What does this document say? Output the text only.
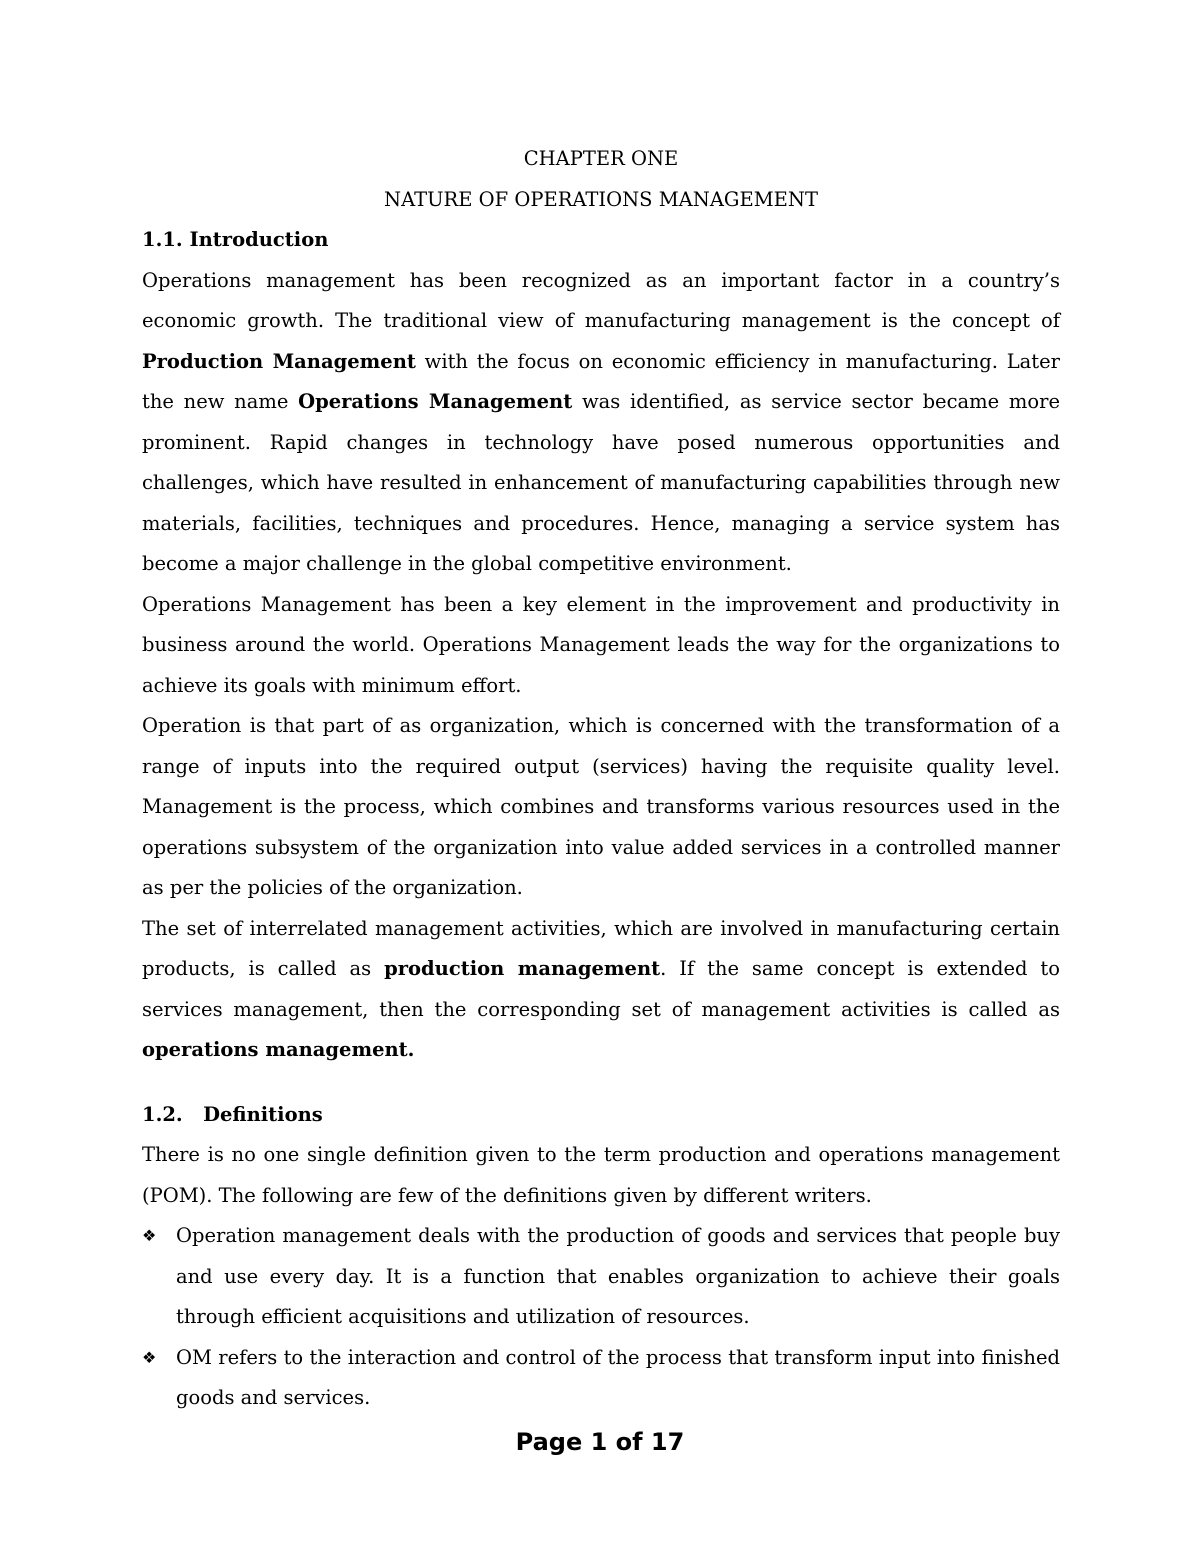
CHAPTER ONE

NATURE OF OPERATIONS MANAGEMENT

1.1. Introduction

Operations management has been recognized as an important factor in a country’s economic growth. The traditional view of manufacturing management is the concept of Production Management with the focus on economic efficiency in manufacturing. Later the new name Operations Management was identified, as service sector became more prominent. Rapid changes in technology have posed numerous opportunities and challenges, which have resulted in enhancement of manufacturing capabilities through new materials, facilities, techniques and procedures. Hence, managing a service system has become a major challenge in the global competitive environment.

Operations Management has been a key element in the improvement and productivity in business around the world. Operations Management leads the way for the organizations to achieve its goals with minimum effort.

Operation is that part of as organization, which is concerned with the transformation of a range of inputs into the required output (services) having the requisite quality level. Management is the process, which combines and transforms various resources used in the operations subsystem of the organization into value added services in a controlled manner as per the policies of the organization.

The set of interrelated management activities, which are involved in manufacturing certain products, is called as production management. If the same concept is extended to services management, then the corresponding set of management activities is called as operations management.

1.2. Definitions

There is no one single definition given to the term production and operations management (POM). The following are few of the definitions given by different writers.

❖ Operation management deals with the production of goods and services that people buy and use every day. It is a function that enables organization to achieve their goals through efficient acquisitions and utilization of resources.
❖ OM refers to the interaction and control of the process that transform input into finished goods and services.
Page 1 of 17
